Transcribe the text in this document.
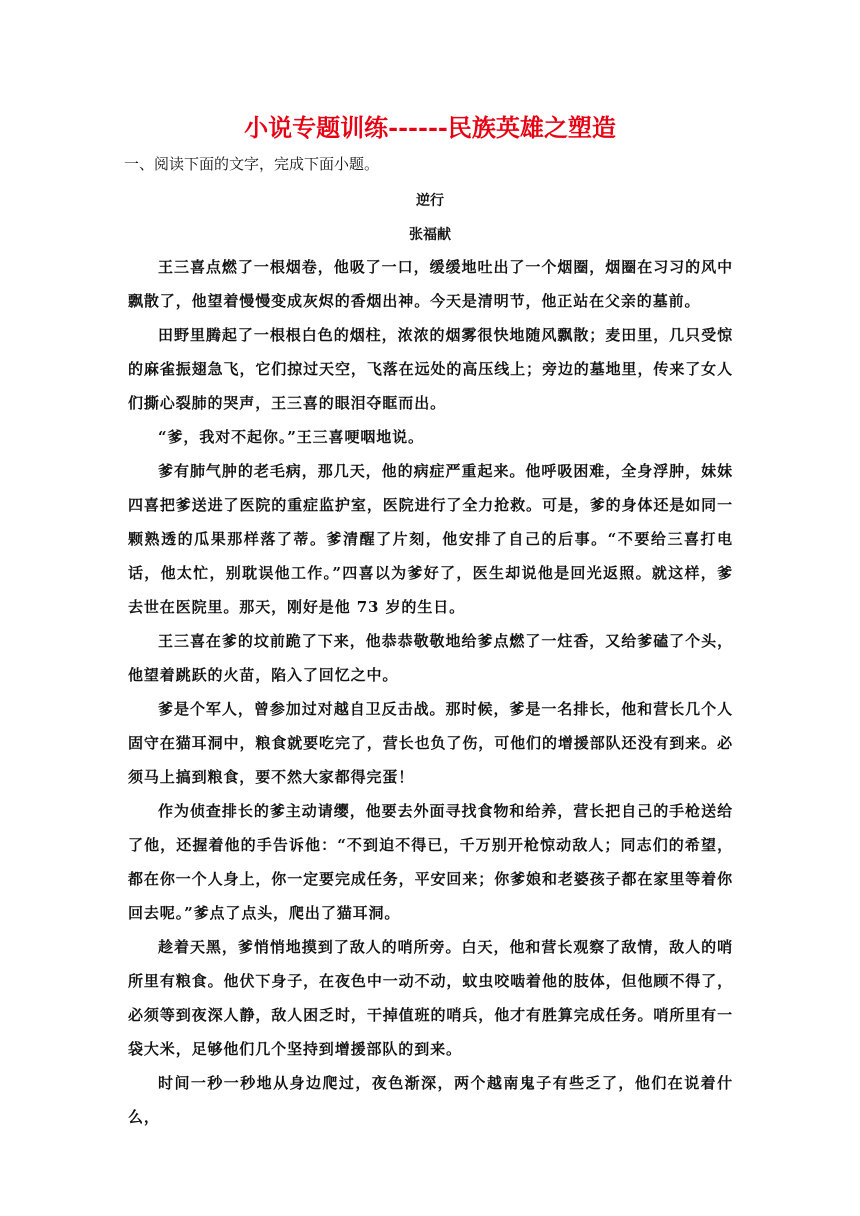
小说专题训练------民族英雄之塑造

一、阅读下面的文字，完成下面小题。

逆行

张福献

王三喜点燃了一根烟卷，他吸了一口，缓缓地吐出了一个烟圈，烟圈在习习的风中飘散了，他望着慢慢变成灰烬的香烟出神。今天是清明节，他正站在父亲的墓前。

田野里腾起了一根根白色的烟柱，浓浓的烟雾很快地随风飘散；麦田里，几只受惊的麻雀振翅急飞，它们掠过天空，飞落在远处的高压线上；旁边的墓地里，传来了女人们撕心裂肺的哭声，王三喜的眼泪夺眶而出。

“爹，我对不起你。”王三喜哽咽地说。

爹有肺气肿的老毛病，那几天，他的病症严重起来。他呼吸困难，全身浮肿，妹妹四喜把爹送进了医院的重症监护室，医院进行了全力抢救。可是，爹的身体还是如同一颗熟透的瓜果那样落了蒂。爹清醒了片刻，他安排了自己的后事。“不要给三喜打电话，他太忙，别耽误他工作。”四喜以为爹好了，医生却说他是回光返照。就这样，爹去世在医院里。那天，刚好是他 73 岁的生日。

王三喜在爹的坟前跪了下来，他恭恭敬敬地给爹点燃了一炷香，又给爹磕了个头，他望着跳跃的火苗，陷入了回忆之中。

爹是个军人，曾参加过对越自卫反击战。那时候，爹是一名排长，他和营长几个人固守在猫耳洞中，粮食就要吃完了，营长也负了伤，可他们的增援部队还没有到来。必须马上搞到粮食，要不然大家都得完蛋！

作为侦查排长的爹主动请缨，他要去外面寻找食物和给养，营长把自己的手枪送给了他，还握着他的手告诉他：“不到迫不得已，千万别开枪惊动敌人；同志们的希望，都在你一个人身上，你一定要完成任务，平安回来；你爹娘和老婆孩子都在家里等着你回去呢。”爹点了点头，爬出了猫耳洞。

趁着天黑，爹悄悄地摸到了敌人的哨所旁。白天，他和营长观察了敌情，敌人的哨所里有粮食。他伏下身子，在夜色中一动不动，蚊虫咬啮着他的肢体，但他顾不得了，必须等到夜深人静，敌人困乏时，干掉值班的哨兵，他才有胜算完成任务。哨所里有一袋大米，足够他们几个坚持到增援部队的到来。

时间一秒一秒地从身边爬过，夜色渐深，两个越南鬼子有些乏了，他们在说着什么，
